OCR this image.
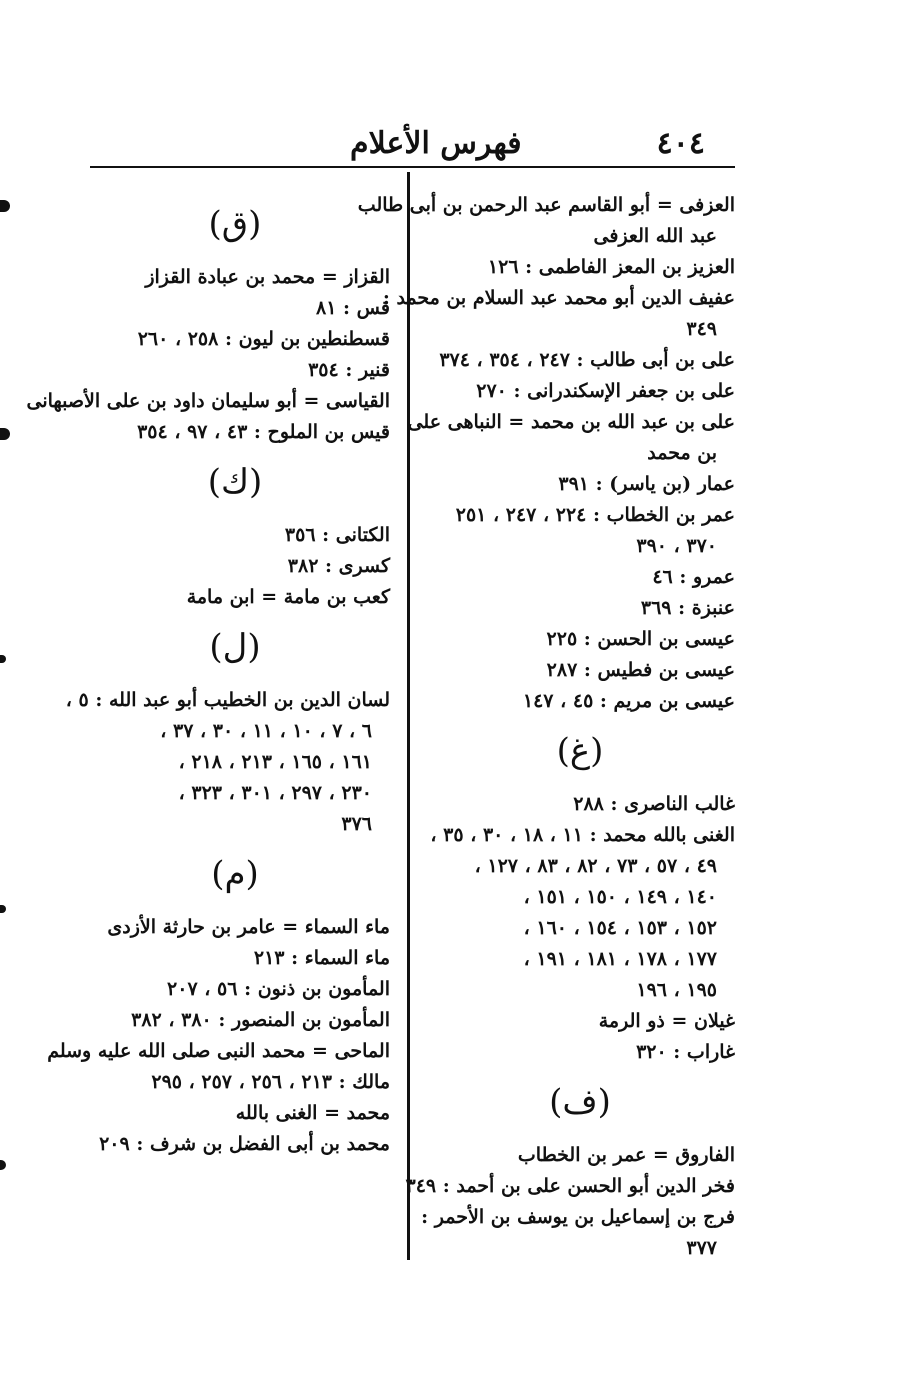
٤٠٤
فهرس الأعلام
العزفى = أبو القاسم عبد الرحمن بن أبى طالب
عبد الله العزفى
العزيز بن المعز الفاطمى : ١٢٦
عفيف الدين أبو محمد عبد السلام بن محمد :
٣٤٩
على بن أبى طالب : ٢٤٧ ، ٣٥٤ ، ٣٧٤
على بن جعفر الإسكندرانى : ٢٧٠
على بن عبد الله بن محمد = النباهى على
بن محمد
عمار (بن ياسر) : ٣٩١
عمر بن الخطاب : ٢٢٤ ، ٢٤٧ ، ٢٥١
٣٧٠ ، ٣٩٠
عمرو : ٤٦
عنبزة : ٣٦٩
عيسى بن الحسن : ٢٢٥
عيسى بن فطيس : ٢٨٧
عيسى بن مريم : ٤٥ ، ١٤٧
(غ)
غالب الناصرى : ٢٨٨
الغنى بالله محمد : ١١ ، ١٨ ، ٣٠ ، ٣٥ ،
٤٩ ، ٥٧ ، ٧٣ ، ٨٢ ، ٨٣ ، ١٢٧ ،
١٤٠ ، ١٤٩ ، ١٥٠ ، ١٥١ ،
١٥٢ ، ١٥٣ ، ١٥٤ ، ١٦٠ ،
١٧٧ ، ١٧٨ ، ١٨١ ، ١٩١ ،
١٩٥ ، ١٩٦
غيلان = ذو الرمة
غاراب : ٣٢٠
(ف)
الفاروق = عمر بن الخطاب
فخر الدين أبو الحسن على بن أحمد : ٣٤٩
فرج بن إسماعيل بن يوسف بن الأحمر :
٣٧٧
(ق)
القزاز = محمد بن عبادة القزاز
قس : ٨١
قسطنطين بن ليون : ٢٥٨ ، ٢٦٠
قنير : ٣٥٤
القياسى = أبو سليمان داود بن على الأصبهانى
قيس بن الملوح : ٤٣ ، ٩٧ ، ٣٥٤
(ك)
الكتانى : ٣٥٦
كسرى : ٣٨٢
كعب بن مامة = ابن مامة
(ل)
لسان الدين بن الخطيب أبو عبد الله : ٥ ،
٦ ، ٧ ، ١٠ ، ١١ ، ٣٠ ، ٣٧ ،
١٦١ ، ١٦٥ ، ٢١٣ ، ٢١٨ ،
٢٣٠ ، ٢٩٧ ، ٣٠١ ، ٣٢٣ ،
٣٧٦
(م)
ماء السماء = عامر بن حارثة الأزدى
ماء السماء : ٢١٣
المأمون بن ذنون : ٥٦ ، ٢٠٧
المأمون بن المنصور : ٣٨٠ ، ٣٨٢
الماحى = محمد النبى صلى الله عليه وسلم
مالك : ٢١٣ ، ٢٥٦ ، ٢٥٧ ، ٢٩٥
محمد = الغنى بالله
محمد بن أبى الفضل بن شرف : ٢٠٩
